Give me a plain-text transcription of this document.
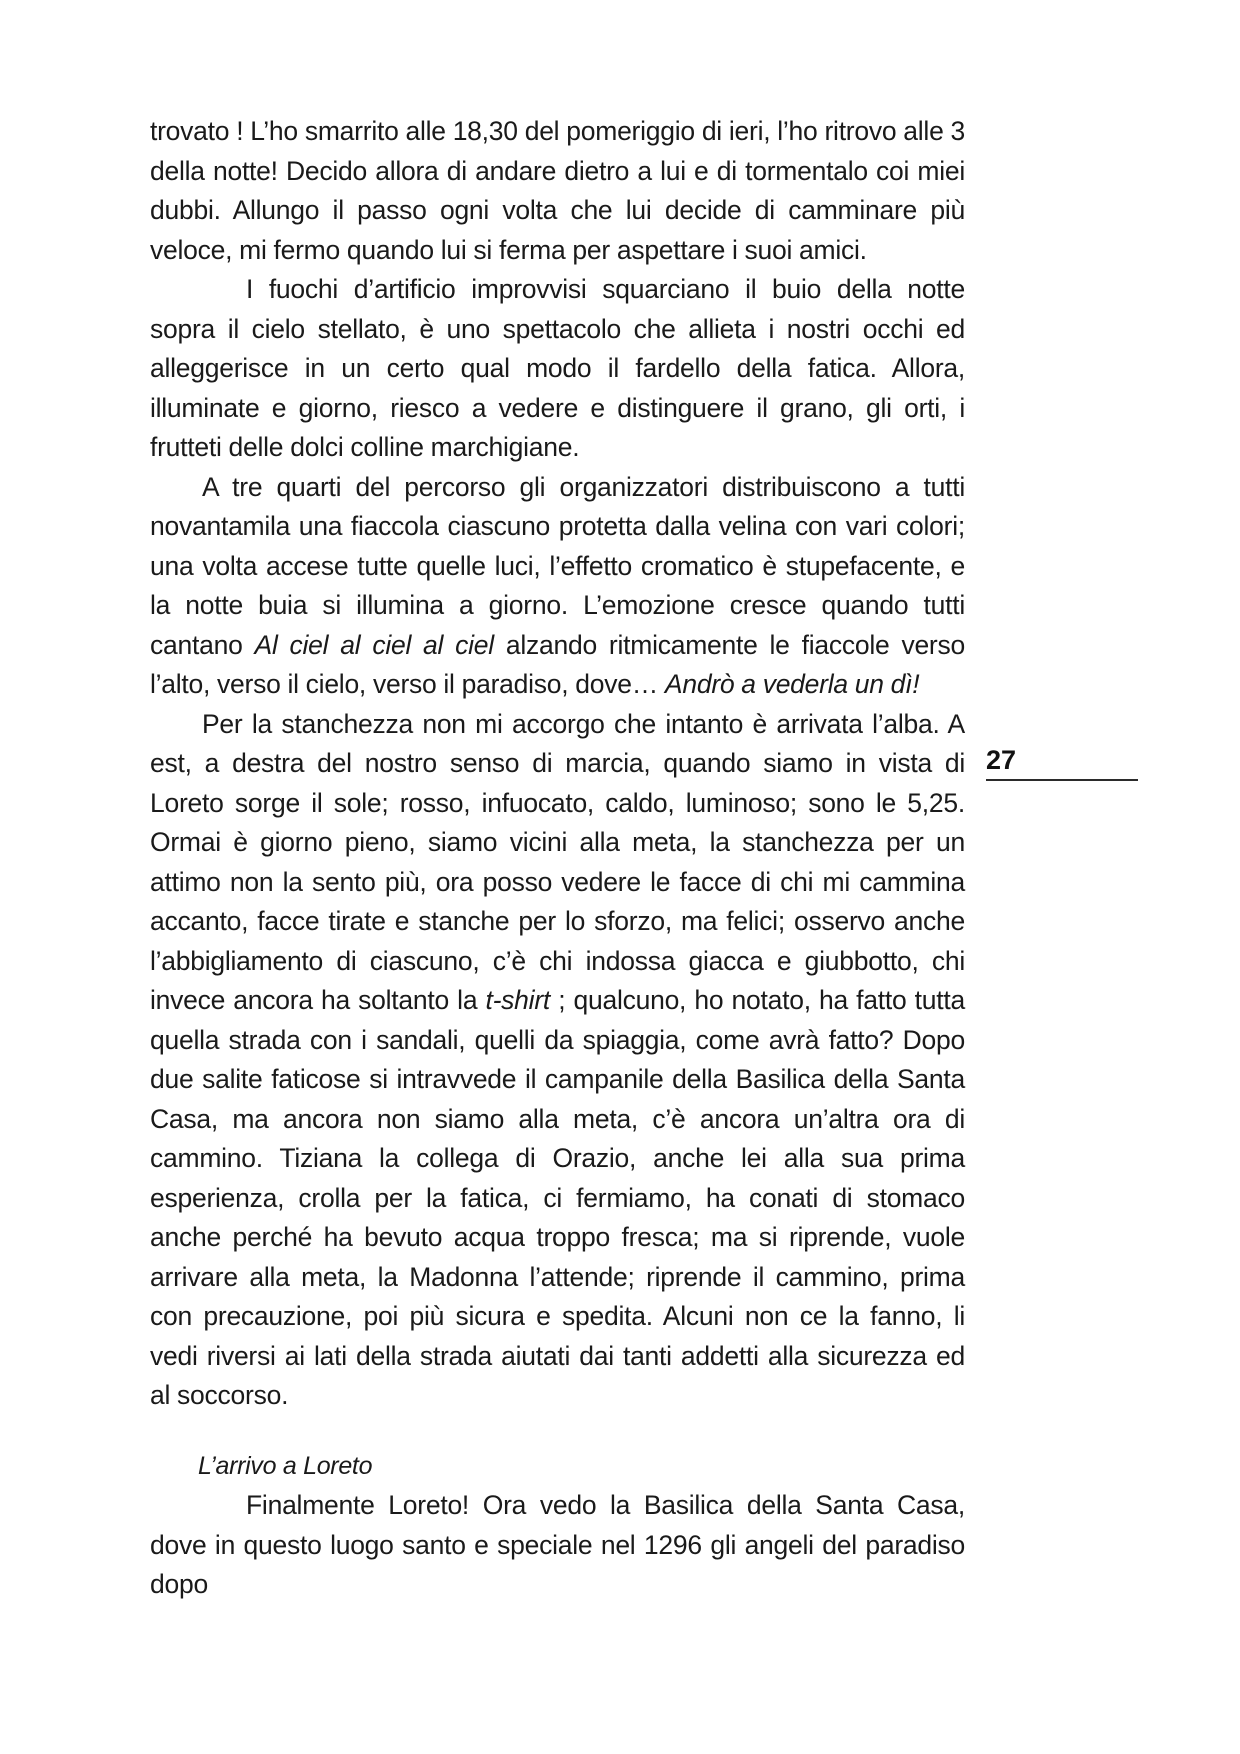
trovato ! L’ho smarrito alle 18,30 del pomeriggio di ieri, l’ho ritrovo alle 3 della notte! Decido allora di andare dietro a lui e di tormentalo coi miei dubbi. Allungo il passo ogni volta che lui decide di camminare più veloce, mi fermo quando lui si ferma per aspettare i suoi amici.

I fuochi d’artificio improvvisi squarciano il buio della notte sopra il cielo stellato, è uno spettacolo che allieta i nostri occhi ed alleggerisce in un certo qual modo il fardello della fatica. Allora, illuminate e giorno, riesco a vedere e distinguere il grano, gli orti, i frutteti delle dolci colline marchigiane.

A tre quarti del percorso gli organizzatori distribuiscono a tutti novantamila una fiaccola ciascuno protetta dalla velina con vari colori; una volta accese tutte quelle luci, l’effetto cromatico è stupefacente, e la notte buia si illumina a giorno. L’emozione cresce quando tutti cantano Al ciel al ciel al ciel alzando ritmicamente le fiaccole verso l’alto, verso il cielo, verso il paradiso, dove… Andrò a vederla un dì!

Per la stanchezza non mi accorgo che intanto è arrivata l’alba. A est, a destra del nostro senso di marcia, quando siamo in vista di Loreto sorge il sole; rosso, infuocato, caldo, luminoso; sono le 5,25. Ormai è giorno pieno, siamo vicini alla meta, la stanchezza per un attimo non la sento più, ora posso vedere le facce di chi mi cammina accanto, facce tirate e stanche per lo sforzo, ma felici; osservo anche l’abbigliamento di ciascuno, c’è chi indossa giacca e giubbotto, chi invece ancora ha soltanto la t-shirt ; qualcuno, ho notato, ha fatto tutta quella strada con i sandali, quelli da spiaggia, come avrà fatto? Dopo due salite faticose si intravvede il campanile della Basilica della Santa Casa, ma ancora non siamo alla meta, c’è ancora un’altra ora di cammino. Tiziana la collega di Orazio, anche lei alla sua prima esperienza, crolla per la fatica, ci fermiamo, ha conati di stomaco anche perché ha bevuto acqua troppo fresca; ma si riprende, vuole arrivare alla meta, la Madonna l’attende; riprende il cammino, prima con precauzione, poi più sicura e spedita. Alcuni non ce la fanno, li vedi riversi ai lati della strada aiutati dai tanti addetti alla sicurezza ed al soccorso.

L’arrivo a Loreto

Finalmente Loreto! Ora vedo la Basilica della Santa Casa, dove in questo luogo santo e speciale nel 1296 gli angeli del paradiso dopo

27
